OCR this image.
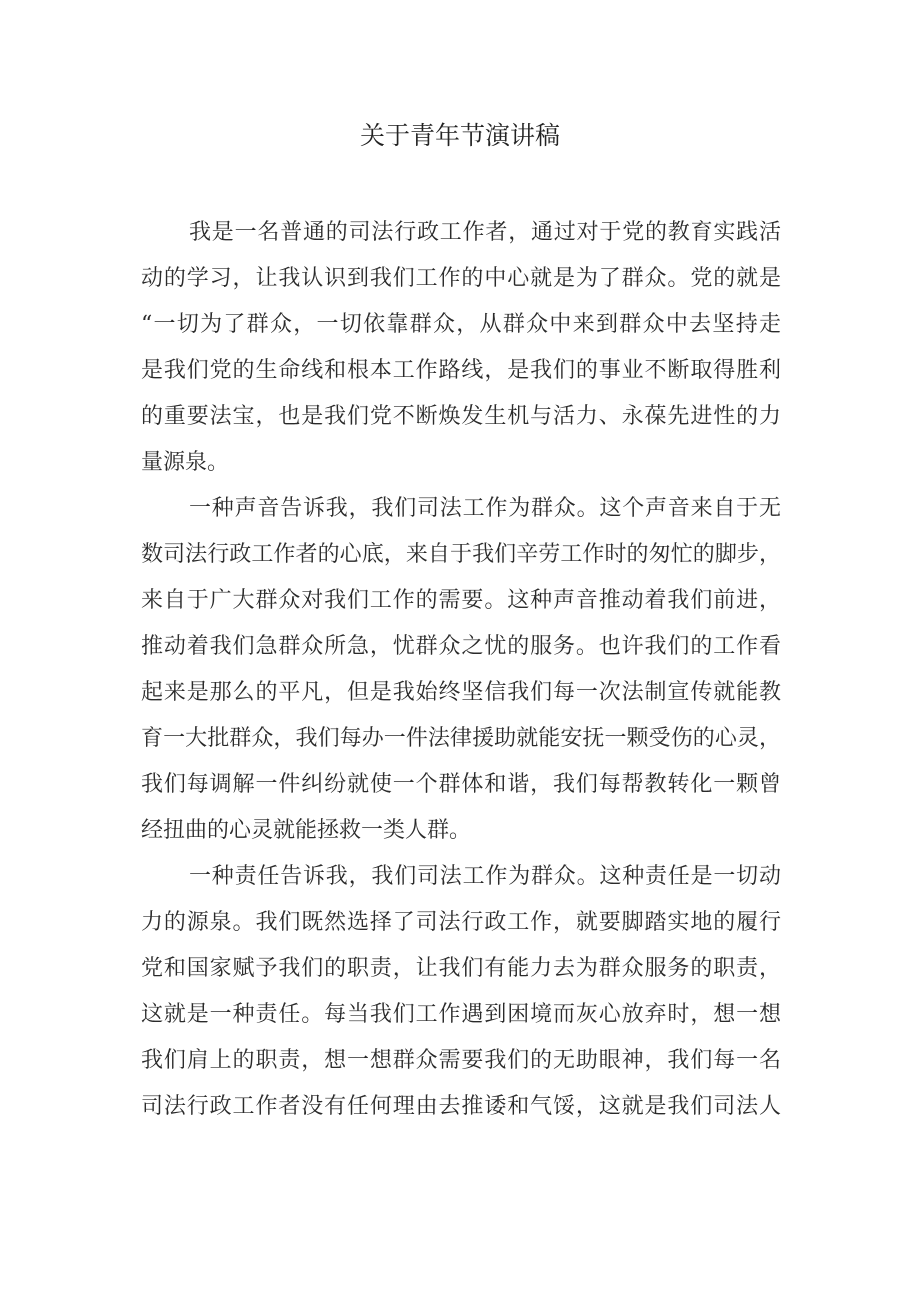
关于青年节演讲稿
我是一名普通的司法行政工作者，通过对于党的教育实践活
动的学习，让我认识到我们工作的中心就是为了群众。党的就是
“一切为了群众，一切依靠群众，从群众中来到群众中去坚持走
是我们党的生命线和根本工作路线，是我们的事业不断取得胜利
的重要法宝，也是我们党不断焕发生机与活力、永葆先进性的力
量源泉。
一种声音告诉我，我们司法工作为群众。这个声音来自于无
数司法行政工作者的心底，来自于我们辛劳工作时的匆忙的脚步，
来自于广大群众对我们工作的需要。这种声音推动着我们前进，
推动着我们急群众所急，忧群众之忧的服务。也许我们的工作看
起来是那么的平凡，但是我始终坚信我们每一次法制宣传就能教
育一大批群众，我们每办一件法律援助就能安抚一颗受伤的心灵，
我们每调解一件纠纷就使一个群体和谐，我们每帮教转化一颗曾
经扭曲的心灵就能拯救一类人群。
一种责任告诉我，我们司法工作为群众。这种责任是一切动
力的源泉。我们既然选择了司法行政工作，就要脚踏实地的履行
党和国家赋予我们的职责，让我们有能力去为群众服务的职责，
这就是一种责任。每当我们工作遇到困境而灰心放弃时，想一想
我们肩上的职责，想一想群众需要我们的无助眼神，我们每一名
司法行政工作者没有任何理由去推诿和气馁，这就是我们司法人
